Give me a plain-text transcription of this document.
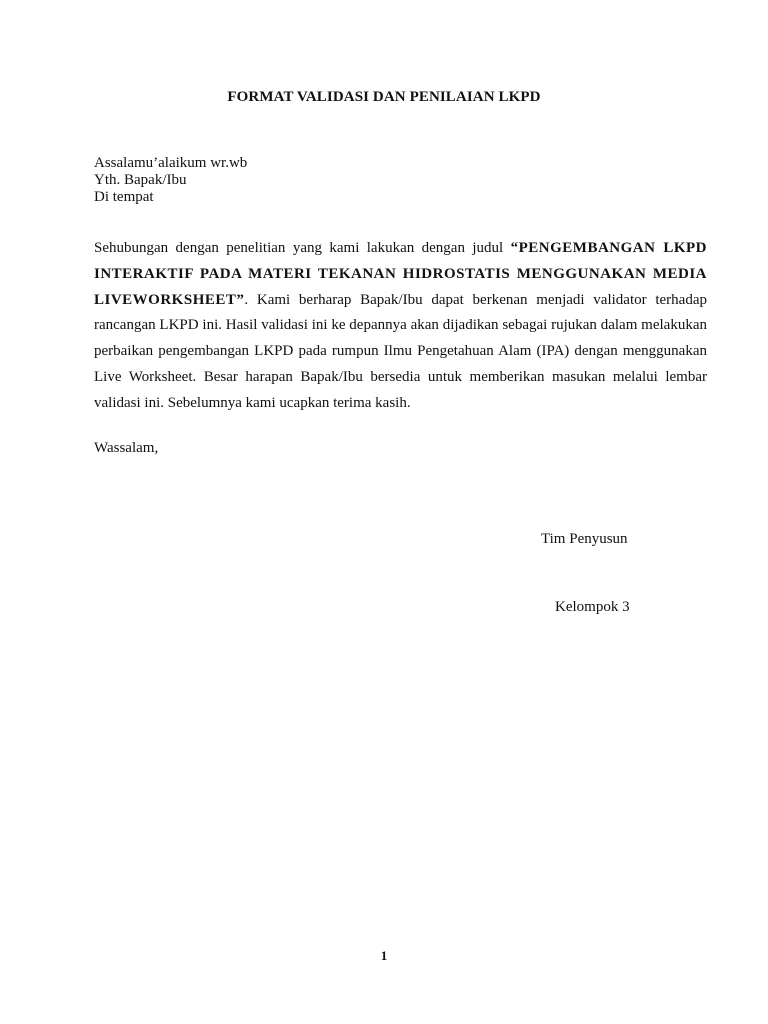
FORMAT VALIDASI DAN PENILAIAN LKPD
Assalamu’alaikum wr.wb
Yth. Bapak/Ibu
Di tempat

Sehubungan dengan penelitian yang kami lakukan dengan judul “PENGEMBANGAN LKPD INTERAKTIF PADA MATERI TEKANAN HIDROSTATIS MENGGUNAKAN MEDIA LIVEWORKSHEET”. Kami berharap Bapak/Ibu dapat berkenan menjadi validator terhadap rancangan LKPD ini. Hasil validasi ini ke depannya akan dijadikan sebagai rujukan dalam melakukan perbaikan pengembangan LKPD pada rumpun Ilmu Pengetahuan Alam (IPA) dengan menggunakan Live Worksheet. Besar harapan Bapak/Ibu bersedia untuk memberikan masukan melalui lembar validasi ini. Sebelumnya kami ucapkan terima kasih.

Wassalam,

Tim Penyusun

Kelompok 3

1
